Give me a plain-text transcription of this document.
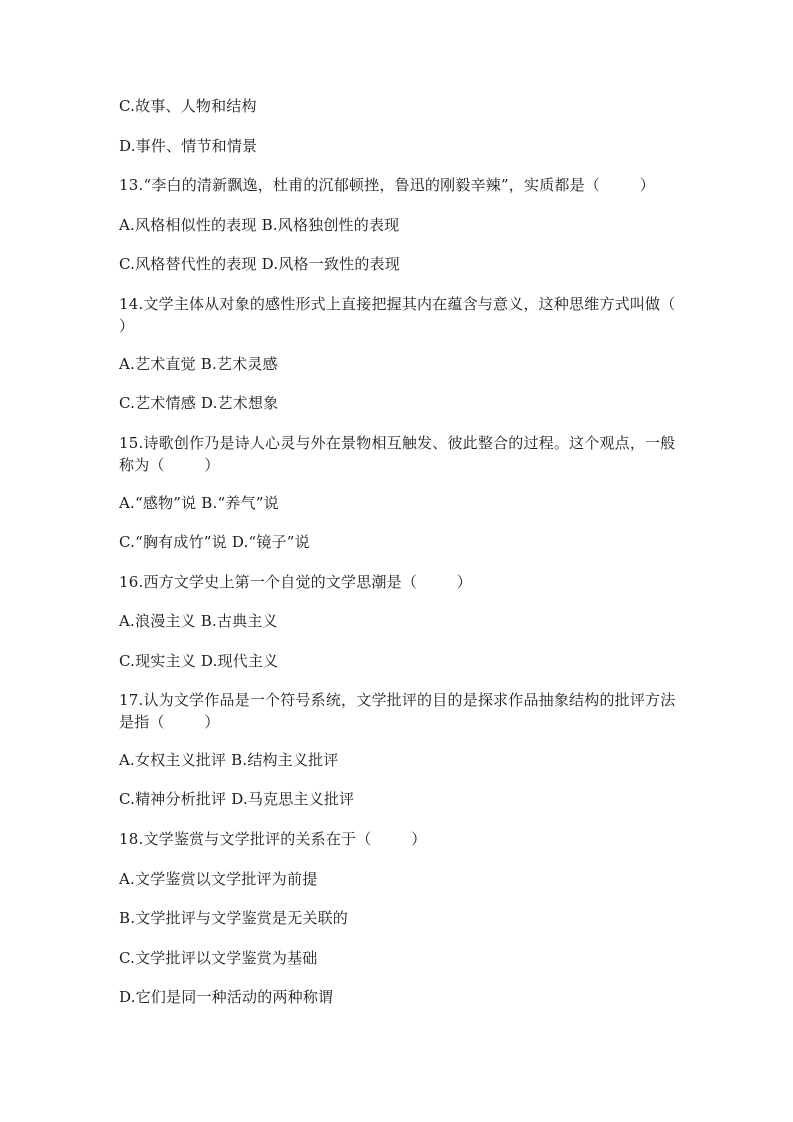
C.故事、人物和结构
D.事件、情节和情景
13.“李白的清新飘逸，杜甫的沉郁顿挫，鲁迅的刚毅辛辣”，实质都是（        ）
A.风格相似性的表现 B.风格独创性的表现
C.风格替代性的表现 D.风格一致性的表现
14.文学主体从对象的感性形式上直接把握其内在蕴含与意义，这种思维方式叫做（        ）
A.艺术直觉 B.艺术灵感
C.艺术情感 D.艺术想象
15.诗歌创作乃是诗人心灵与外在景物相互触发、彼此整合的过程。这个观点，一般称为（        ）
A.“感物”说 B.“养气”说
C.“胸有成竹”说 D.“镜子”说
16.西方文学史上第一个自觉的文学思潮是（        ）
A.浪漫主义 B.古典主义
C.现实主义 D.现代主义
17.认为文学作品是一个符号系统，文学批评的目的是探求作品抽象结构的批评方法是指（        ）
A.女权主义批评 B.结构主义批评
C.精神分析批评 D.马克思主义批评
18.文学鉴赏与文学批评的关系在于（        ）
A.文学鉴赏以文学批评为前提
B.文学批评与文学鉴赏是无关联的
C.文学批评以文学鉴赏为基础
D.它们是同一种活动的两种称谓
